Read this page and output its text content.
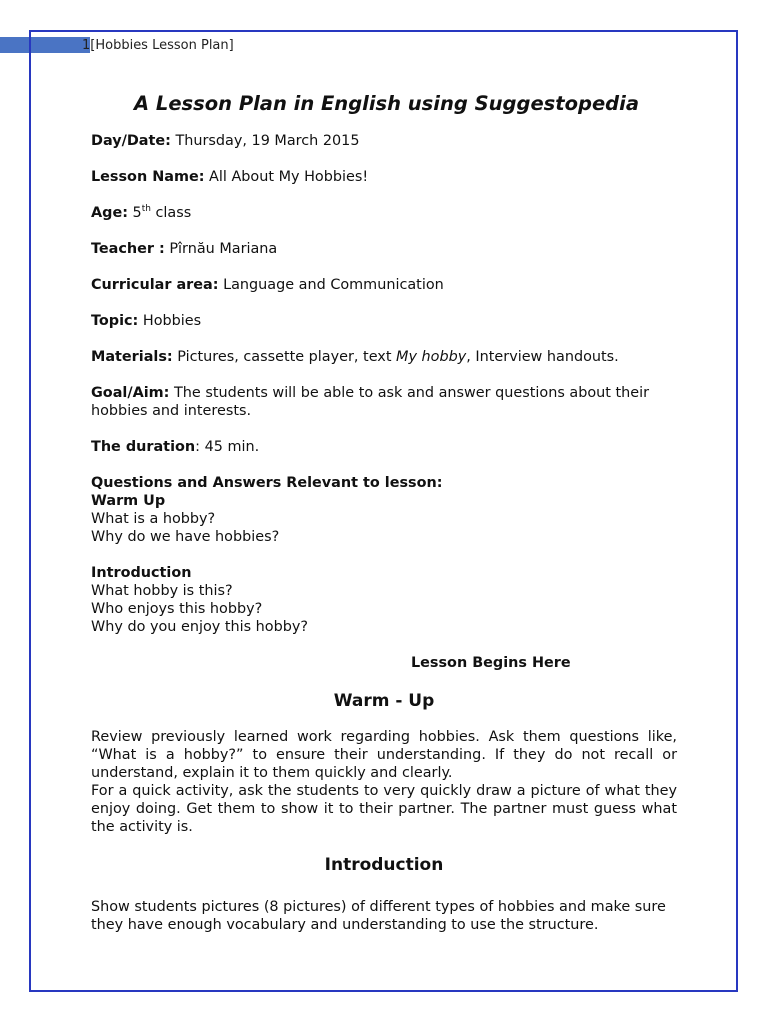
1[Hobbies Lesson Plan]
A Lesson Plan in English using Suggestopedia

Day/Date: Thursday, 19 March 2015

Lesson Name: All About My Hobbies!

Age: 5th class

Teacher : Pîrnău Mariana

Curricular area: Language and Communication

Topic: Hobbies

Materials: Pictures, cassette player, text My hobby, Interview handouts.

Goal/Aim: The students will be able to ask and answer questions about their hobbies and interests.

The duration: 45 min.

Questions and Answers Relevant to lesson:

Warm Up

What is a hobby?

Why do we have hobbies?

Introduction

What hobby is this?

Who enjoys this hobby?

Why do you enjoy this hobby?

Lesson Begins Here

Warm - Up

Review previously learned work regarding hobbies. Ask them questions like, “What is a hobby?” to ensure their understanding. If they do not recall or understand, explain it to them quickly and clearly.

For a quick activity, ask the students to very quickly draw a picture of what they enjoy doing. Get them to show it to their partner. The partner must guess what the activity is.

Introduction

Show students pictures (8 pictures) of different types of hobbies and make sure they have enough vocabulary and understanding to use the structure.
